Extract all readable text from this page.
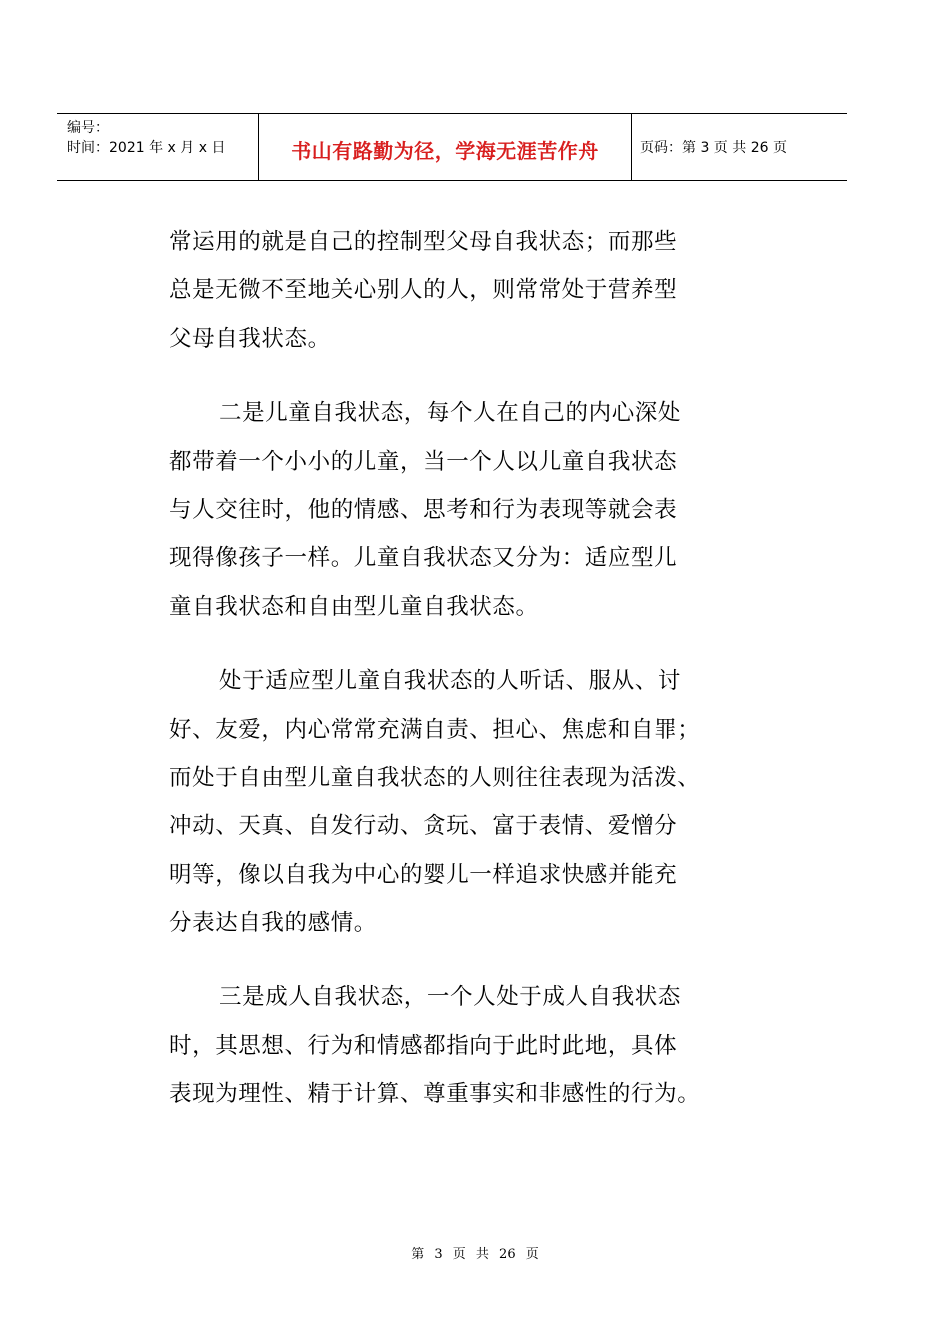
编号：
时间：2021 年 x 月 x 日	书山有路勤为径，学海无涯苦作舟	页码：第 3 页 共 26 页
常运用的就是自己的控制型父母自我状态；而那些
总是无微不至地关心别人的人，则常常处于营养型
父母自我状态。
二是儿童自我状态，每个人在自己的内心深处
都带着一个小小的儿童，当一个人以儿童自我状态
与人交往时，他的情感、思考和行为表现等就会表
现得像孩子一样。儿童自我状态又分为：适应型儿
童自我状态和自由型儿童自我状态。
处于适应型儿童自我状态的人听话、服从、讨
好、友爱，内心常常充满自责、担心、焦虑和自罪；
而处于自由型儿童自我状态的人则往往表现为活泼、
冲动、天真、自发行动、贪玩、富于表情、爱憎分
明等，像以自我为中心的婴儿一样追求快感并能充
分表达自我的感情。
三是成人自我状态，一个人处于成人自我状态
时，其思想、行为和情感都指向于此时此地，具体
表现为理性、精于计算、尊重事实和非感性的行为。
第 3 页 共 26 页
